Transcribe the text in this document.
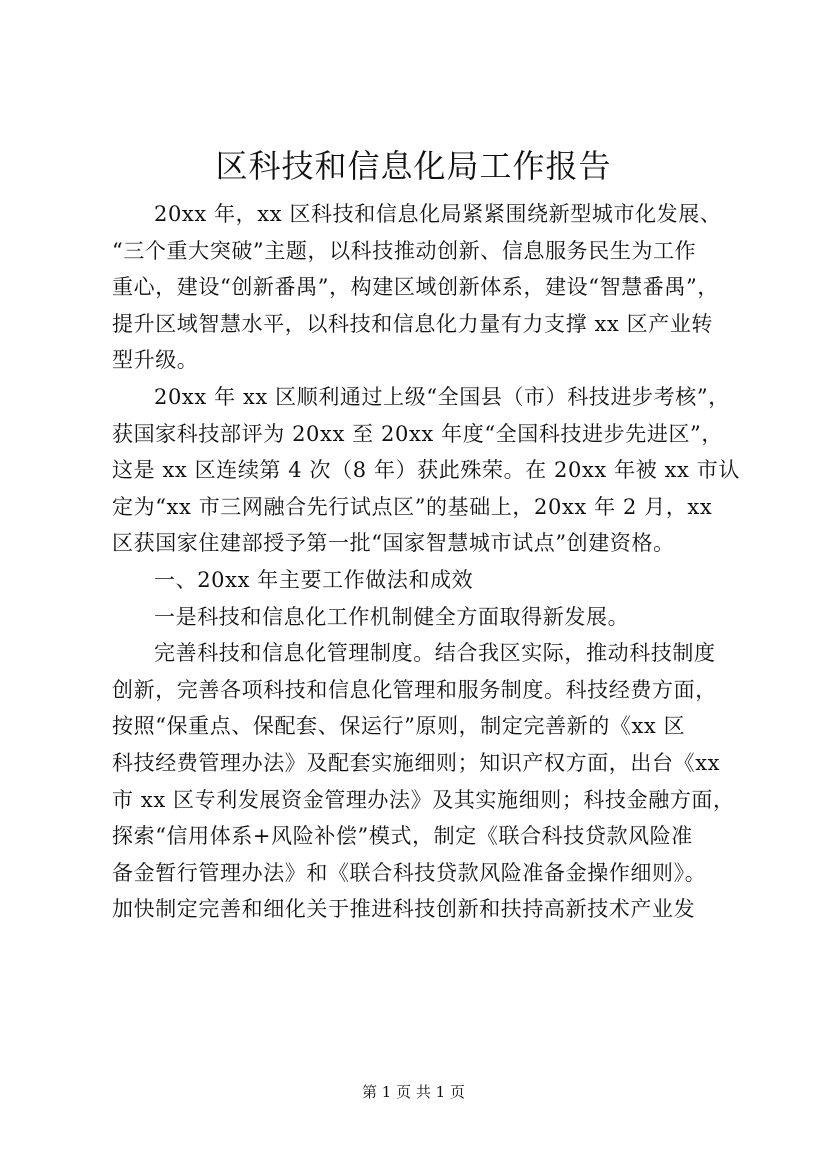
区科技和信息化局工作报告

20xx 年，xx 区科技和信息化局紧紧围绕新型城市化发展、

“三个重大突破”主题，以科技推动创新、信息服务民生为工作

重心，建设“创新番禺”，构建区域创新体系，建设“智慧番禺”，

提升区域智慧水平，以科技和信息化力量有力支撑 xx 区产业转

型升级。

20xx 年 xx 区顺利通过上级“全国县（市）科技进步考核”，

获国家科技部评为 20xx 至 20xx 年度“全国科技进步先进区”，

这是 xx 区连续第 4 次（8 年）获此殊荣。在 20xx 年被 xx 市认

定为“xx 市三网融合先行试点区”的基础上，20xx 年 2 月，xx

区获国家住建部授予第一批“国家智慧城市试点”创建资格。

一、20xx 年主要工作做法和成效

一是科技和信息化工作机制健全方面取得新发展。

完善科技和信息化管理制度。结合我区实际，推动科技制度

创新，完善各项科技和信息化管理和服务制度。科技经费方面，

按照“保重点、保配套、保运行”原则，制定完善新的《xx 区

科技经费管理办法》及配套实施细则；知识产权方面，出台《xx

市 xx 区专利发展资金管理办法》及其实施细则；科技金融方面，

探索“信用体系+风险补偿”模式，制定《联合科技贷款风险准

备金暂行管理办法》和《联合科技贷款风险准备金操作细则》。

加快制定完善和细化关于推进科技创新和扶持高新技术产业发

第 1 页 共 1 页
